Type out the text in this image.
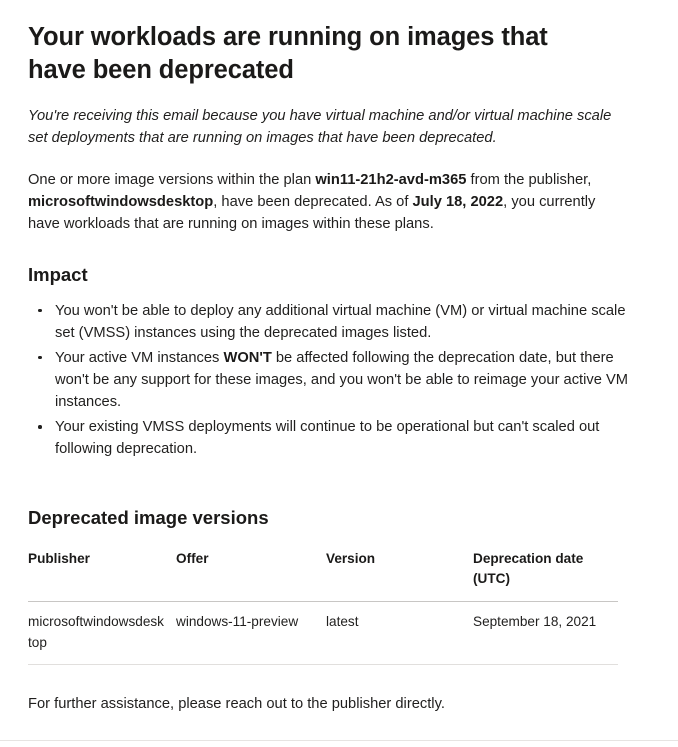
Your workloads are running on images that have been deprecated

You're receiving this email because you have virtual machine and/or virtual machine scale set deployments that are running on images that have been deprecated.

One or more image versions within the plan win11-21h2-avd-m365 from the publisher, microsoftwindowsdesktop, have been deprecated. As of July 18, 2022, you currently have workloads that are running on images within these plans.

Impact
You won't be able to deploy any additional virtual machine (VM) or virtual machine scale set (VMSS) instances using the deprecated images listed.
Your active VM instances WON'T be affected following the deprecation date, but there won't be any support for these images, and you won't be able to reimage your active VM instances.
Your existing VMSS deployments will continue to be operational but can't scaled out following deprecation.
Deprecated image versions
Publisher	Offer	Version	Deprecation date (UTC)
microsoftwindowsdesktop	windows-11-preview	latest	September 18, 2021

For further assistance, please reach out to the publisher directly.
